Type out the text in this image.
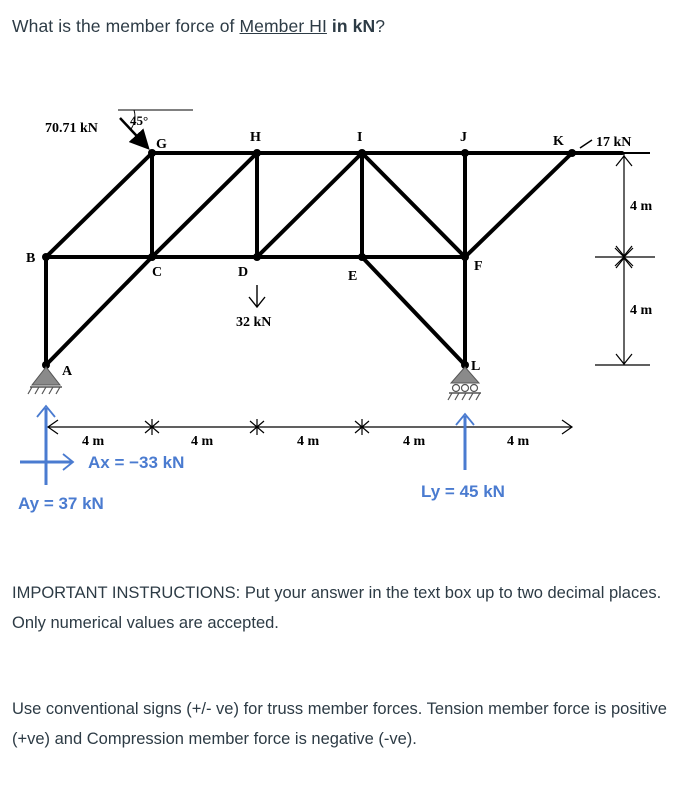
What is the member force of Member HI in kN?
B
G	H	I	J	K
C	D	E
F
A	L
70.71 kN
45°
32 kN
17 kN
4 m
4 m
4 m	4 m	4 m	4 m	4 m
Ax = −33 kN
Ay = 37 kN
Ly = 45 kN
IMPORTANT INSTRUCTIONS: Put your answer in the text box up to two decimal places. Only numerical values are accepted.
Use conventional signs (+/- ve) for truss member forces. Tension member force is positive (+ve) and Compression member force is negative (-ve).
